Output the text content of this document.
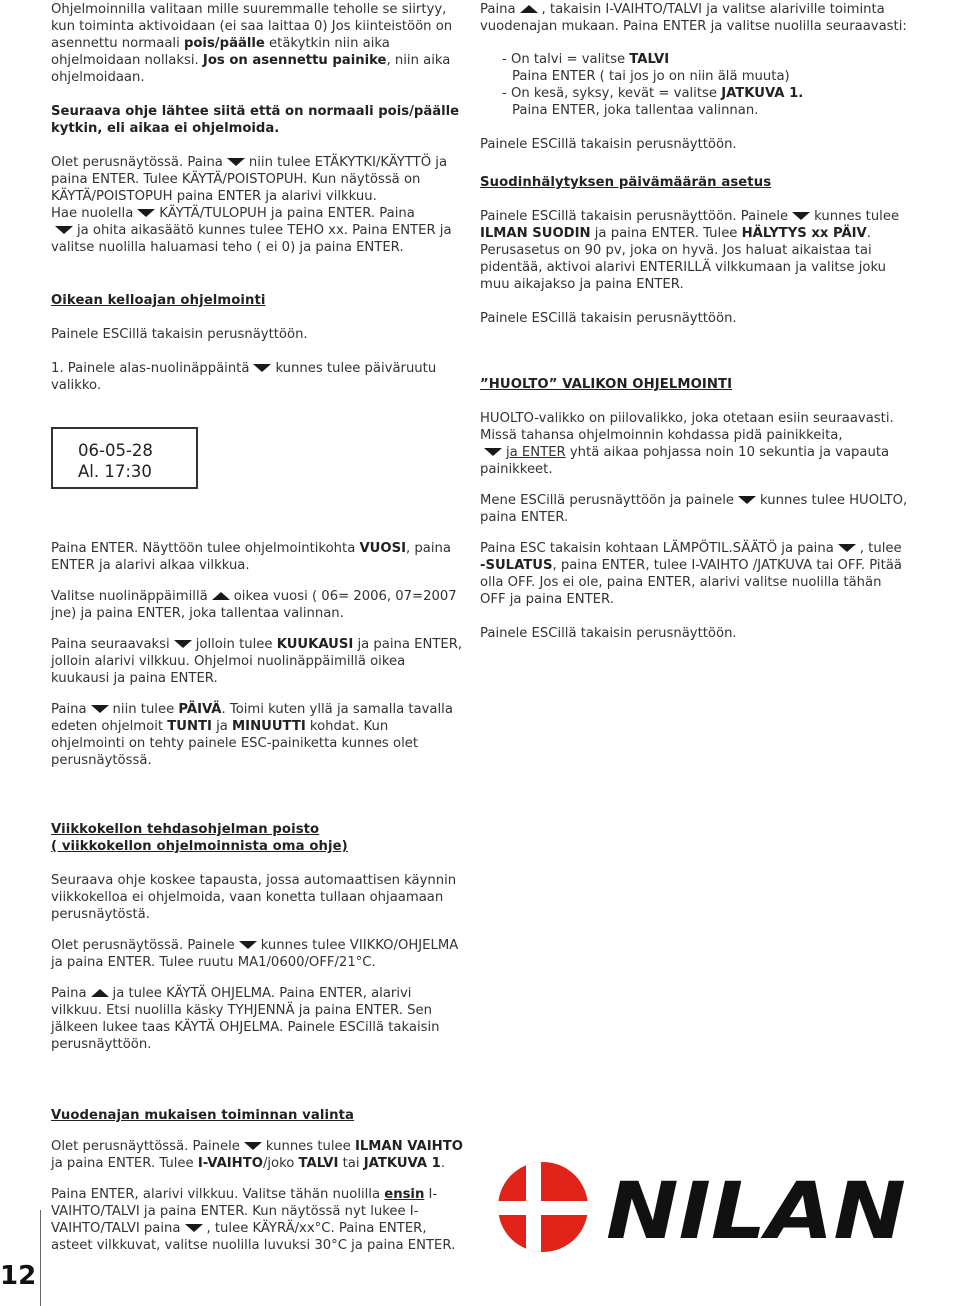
Ohjelmoinnilla valitaan mille suuremmalle teholle se siirtyy, kun toiminta aktivoidaan (ei saa laittaa 0) Jos kiinteistöön on asennettu normaali pois/päälle etäkytkin niin aika ohjelmoidaan nollaksi. Jos on asennettu painike, niin aika ohjelmoidaan.

Seuraava ohje lähtee siitä että on normaali pois/päälle kytkin, eli aikaa ei ohjelmoida.

Olet perusnäytössä. Paina niin tulee ETÄKYTKI/KÄYTTÖ ja paina ENTER. Tulee KÄYTÄ/POISTOPUH. Kun näytössä on KÄYTÄ/POISTOPUH paina ENTER ja alarivi vilkkuu.
Hae nuolella KÄYTÄ/TULOPUH ja paina ENTER. Paina
ja ohita aikasäätö kunnes tulee TEHO xx. Paina ENTER ja valitse nuolilla haluamasi teho ( ei 0) ja paina ENTER.

Oikean kelloajan ohjelmointi

Painele ESCillä takaisin perusnäyttöön.

1. Painele alas-nuolinäppäintä kunnes tulee päiväruutu valikko.

06-05-28
Al. 17:30

Paina ENTER. Näyttöön tulee ohjelmointikohta VUOSI, paina ENTER ja alarivi alkaa vilkkua.

Valitse nuolinäppäimillä oikea vuosi ( 06= 2006, 07=2007 jne) ja paina ENTER, joka tallentaa valinnan.

Paina seuraavaksi jolloin tulee KUUKAUSI ja paina ENTER, jolloin alarivi vilkkuu. Ohjelmoi nuolinäppäimillä oikea kuukausi ja paina ENTER.

Paina niin tulee PÄIVÄ. Toimi kuten yllä ja samalla tavalla edeten ohjelmoit TUNTI ja MINUUTTI kohdat. Kun ohjelmointi on tehty painele ESC-painiketta kunnes olet perusnäytössä.

Viikkokellon tehdasohjelman poisto

( viikkokellon ohjelmoinnista oma ohje)

Seuraava ohje koskee tapausta, jossa automaattisen käynnin viikkokelloa ei ohjelmoida, vaan konetta tullaan ohjaamaan perusnäytöstä.

Olet perusnäytössä. Painele kunnes tulee VIIKKO/OHJELMA ja paina ENTER. Tulee ruutu MA1/0600/OFF/21°C.

Paina ja tulee KÄYTÄ OHJELMA. Paina ENTER, alarivi vilkkuu. Etsi nuolilla käsky TYHJENNÄ ja paina ENTER. Sen jälkeen lukee taas KÄYTÄ OHJELMA. Painele ESCillä takaisin perusnäyttöön.

Vuodenajan mukaisen toiminnan valinta

Olet perusnäyttössä. Painele kunnes tulee ILMAN VAIHTO ja paina ENTER. Tulee I-VAIHTO/joko TALVI tai JATKUVA 1.

Paina ENTER, alarivi vilkkuu. Valitse tähän nuolilla ensin I-VAIHTO/TALVI ja paina ENTER. Kun näytössä nyt lukee I-VAIHTO/TALVI paina , tulee KÄYRÄ/xx°C. Paina ENTER, asteet vilkkuvat, valitse nuolilla luvuksi 30°C ja paina ENTER.

Paina , takaisin I-VAIHTO/TALVI ja valitse alariville toiminta vuodenajan mukaan. Paina ENTER ja valitse nuolilla seuraavasti:

- On talvi = valitse TALVI

Paina ENTER ( tai jos jo on niin älä muuta)

- On kesä, syksy, kevät = valitse JATKUVA 1.

Paina ENTER, joka tallentaa valinnan.

Painele ESCillä takaisin perusnäyttöön.

Suodinhälytyksen päivämäärän asetus

Painele ESCillä takaisin perusnäyttöön. Painele kunnes tulee ILMAN SUODIN ja paina ENTER. Tulee HÄLYTYS xx PÄIV. Perusasetus on 90 pv, joka on hyvä. Jos haluat aikaistaa tai pidentää, aktivoi alarivi ENTERILLÄ vilkkumaan ja valitse joku muu aikajakso ja paina ENTER.

Painele ESCillä takaisin perusnäyttöön.

”HUOLTO” VALIKON OHJELMOINTI

HUOLTO-valikko on piilovalikko, joka otetaan esiin seuraavasti. Missä tahansa ohjelmoinnin kohdassa pidä painikkeita,
ja ENTER yhtä aikaa pohjassa noin 10 sekuntia ja vapauta painikkeet.

Mene ESCillä perusnäyttöön ja painele kunnes tulee HUOLTO, paina ENTER.

Paina ESC takaisin kohtaan LÄMPÖTIL.SÄÄTÖ ja paina , tulee -SULATUS, paina ENTER, tulee I-VAIHTO /JATKUVA tai OFF. Pitää olla OFF. Jos ei ole, paina ENTER, alarivi valitse nuolilla tähän OFF ja paina ENTER.

Painele ESCillä takaisin perusnäyttöön.

NILAN
12
